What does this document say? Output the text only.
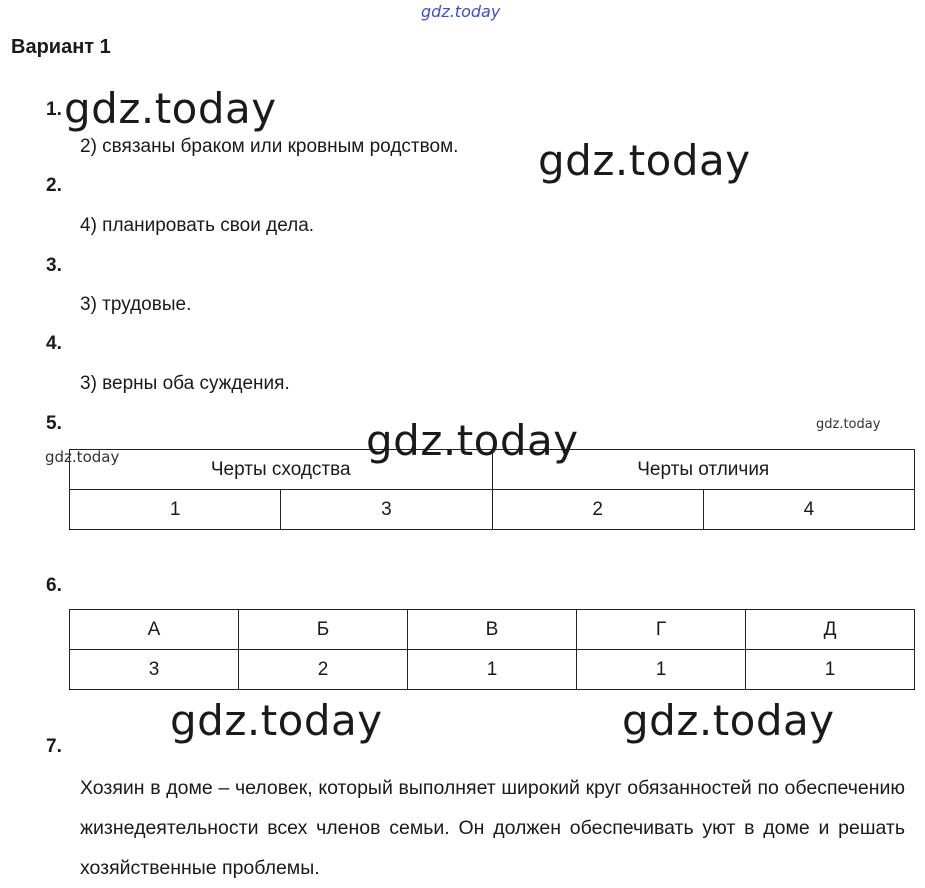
gdz.today
Вариант 1
1. gdz.today
2) связаны браком или кровным родством. gdz.today
2.
4) планировать свои дела.
3.
3) трудовые.
4.
3) верны оба суждения.
5.	gdz.today
Черты сходства		Черты отличия	
1	3	2	4
gdz.today
gdz.today
6.
А	Б	В	Г	Д
3	2	1	1	1
gdz.today	gdz.today
7.
Хозяин в доме – человек, который выполняет широкий круг обязанностей по обеспечению жизнедеятельности всех членов семьи. Он должен обеспечивать уют в доме и решать хозяйственные проблемы.
